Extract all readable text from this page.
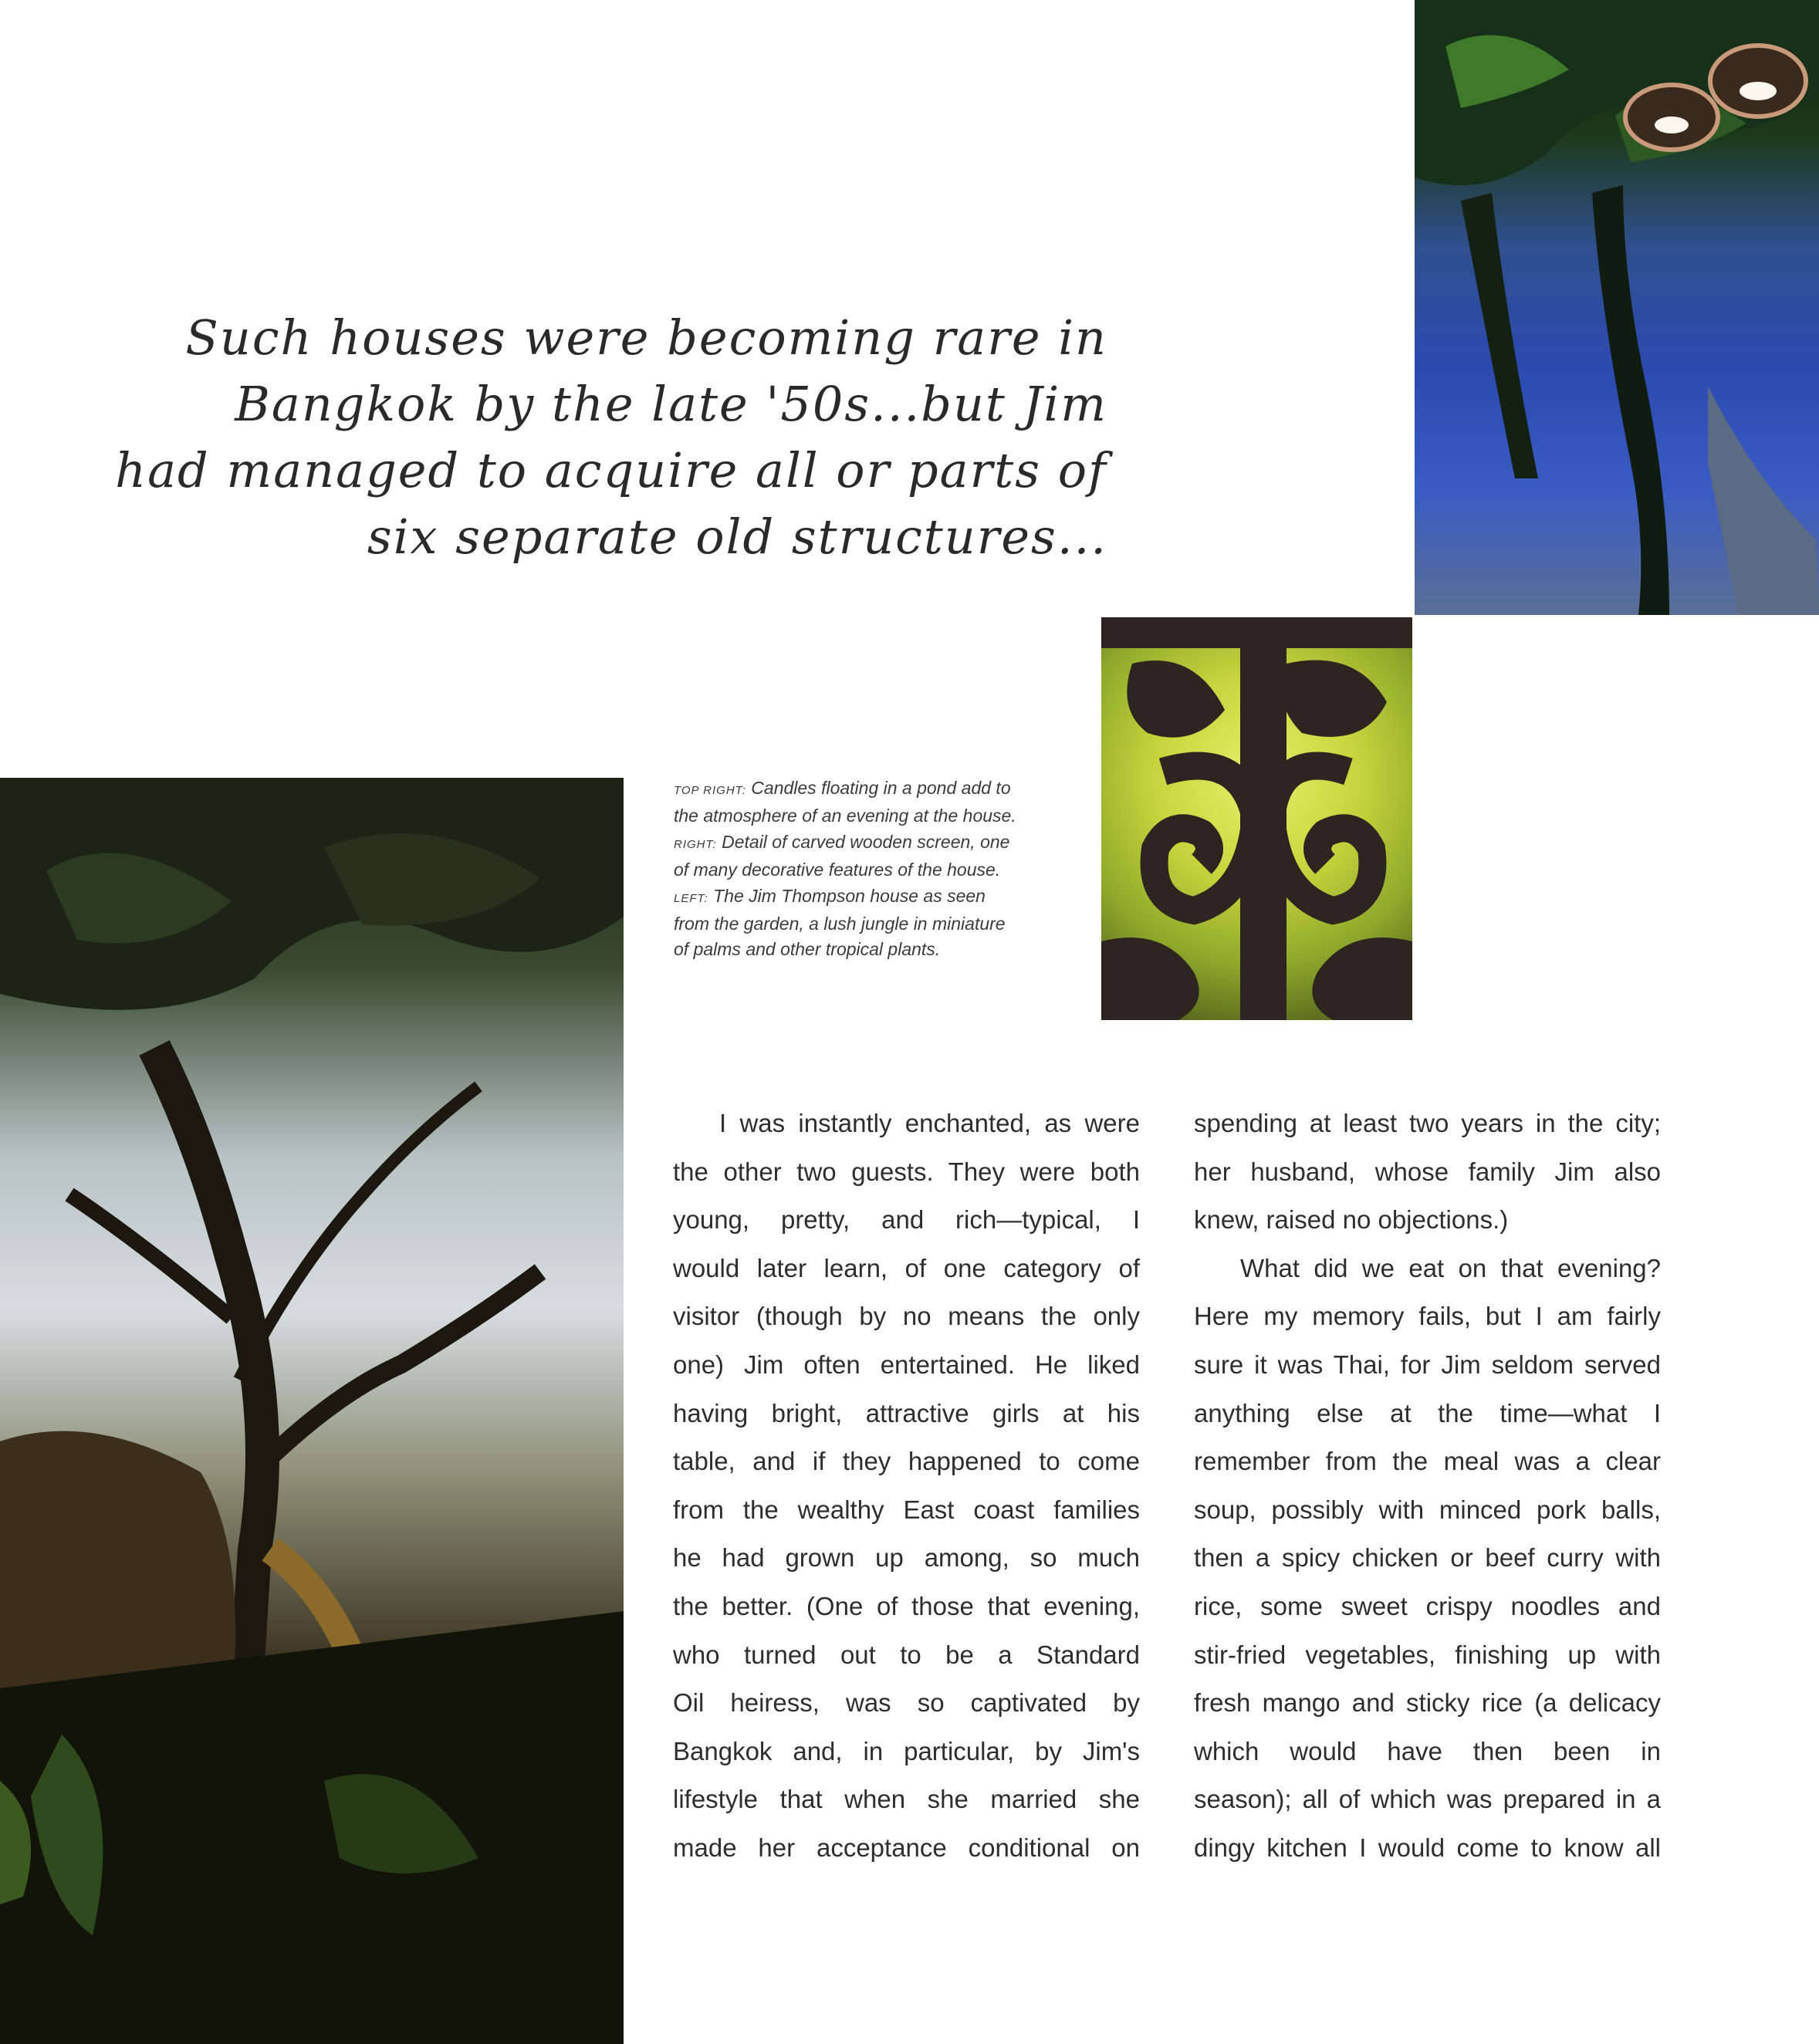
Such houses were becoming rare in
Bangkok by the late '50s...but Jim
had managed to acquire all or parts of
six separate old structures...

TOP RIGHT: Candles floating in a pond add to
the atmosphere of an evening at the house.

RIGHT: Detail of carved wooden screen, one
of many decorative features of the house.

LEFT: The Jim Thompson house as seen
from the garden, a lush jungle in miniature
of palms and other tropical plants.

I was instantly enchanted, as were
the other two guests. They were both
young, pretty, and rich—typical, I
would later learn, of one category of
visitor (though by no means the only
one) Jim often entertained. He liked
having bright, attractive girls at his
table, and if they happened to come
from the wealthy East coast families
he had grown up among, so much
the better. (One of those that evening,
who turned out to be a Standard
Oil heiress, was so captivated by
Bangkok and, in particular, by Jim's
lifestyle that when she married she
made her acceptance conditional on

spending at least two years in the city;
her husband, whose family Jim also
knew, raised no objections.)

What did we eat on that evening?
Here my memory fails, but I am fairly
sure it was Thai, for Jim seldom served
anything else at the time—what I
remember from the meal was a clear
soup, possibly with minced pork balls,
then a spicy chicken or beef curry with
rice, some sweet crispy noodles and
stir-fried vegetables, finishing up with
fresh mango and sticky rice (a delicacy
which would have then been in
season); all of which was prepared in a
dingy kitchen I would come to know all
